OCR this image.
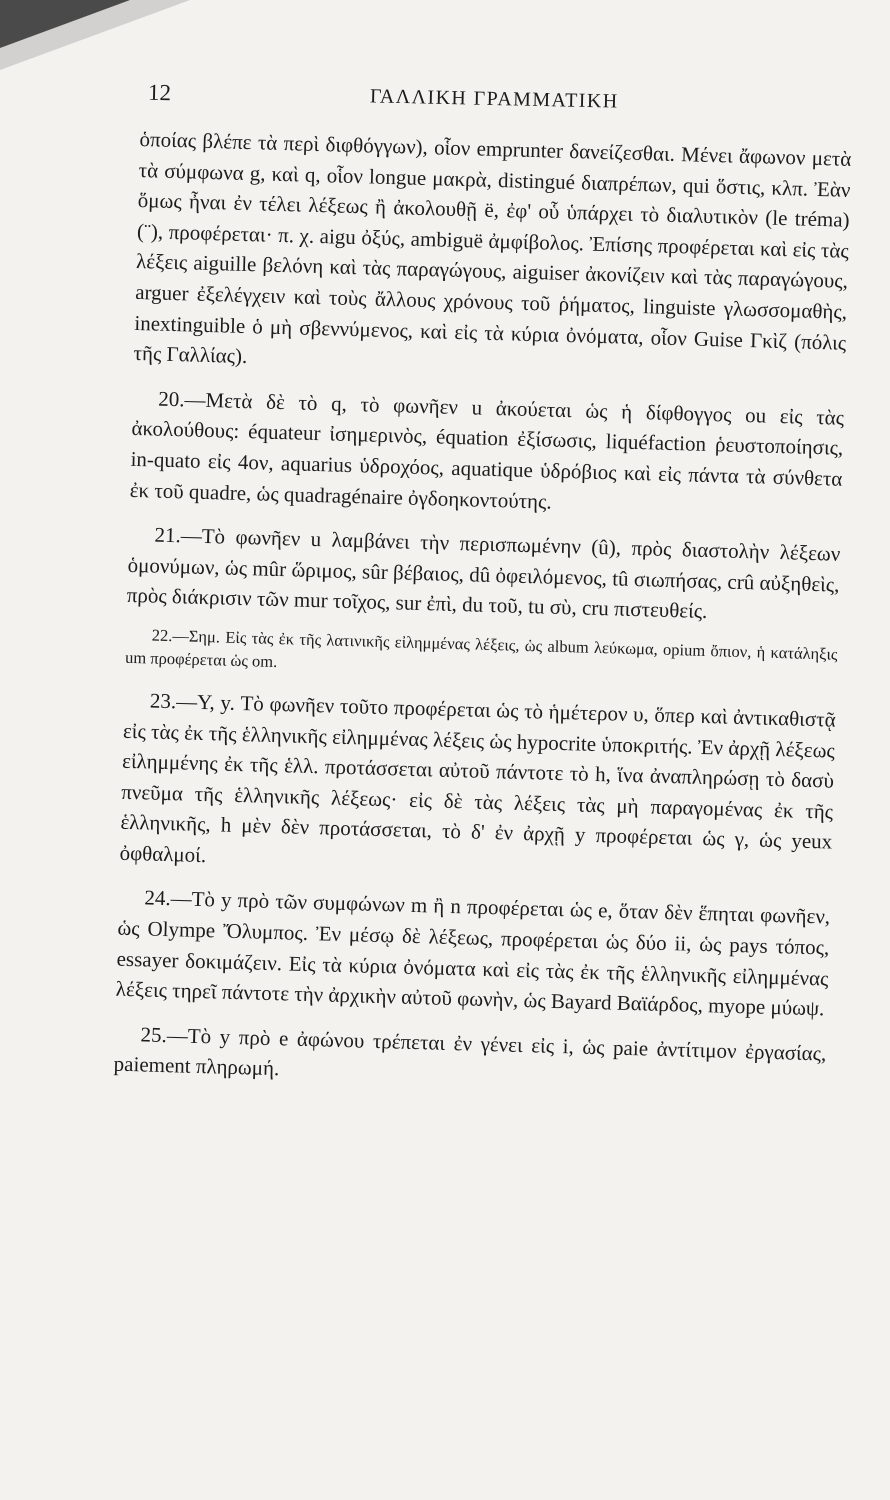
12	ΓΑΛΛΙΚΗ ΓΡΑΜΜΑΤΙΚΗ

ὁποίας βλέπε τὰ περὶ διφθόγγων), οἷον emprunter δανείζεσθαι. Μένει ἄφωνον μετὰ τὰ σύμφωνα g, καὶ q, οἷον longue μακρὰ, distingué διαπρέπων, qui ὅστις, κλπ. Ἐὰν ὅμως ἦναι ἐν τέλει λέξεως ἢ ἀκολουθῇ ë, ἐφ' οὗ ὑπάρχει τὸ διαλυτικὸν (le tréma) (¨), προφέρεται· π. χ. aigu ὀξύς, ambiguë ἀμφίβολος. Ἐπίσης προφέρεται καὶ εἰς τὰς λέξεις aiguille βελόνη καὶ τὰς παραγώγους, aiguiser ἀκονίζειν καὶ τὰς παραγώγους, arguer ἐξελέγχειν καὶ τοὺς ἄλλους χρόνους τοῦ ῥήματος, linguiste γλωσσομαθὴς, inextinguible ὁ μὴ σβεννύμενος, καὶ εἰς τὰ κύρια ὀνόματα, οἷον Guise Γκὶζ (πόλις τῆς Γαλλίας).

20.—Μετὰ δὲ τὸ q, τὸ φωνῆεν u ἀκούεται ὡς ἡ δίφθογγος ou εἰς τὰς ἀκολούθους: équateur ἰσημερινὸς, équation ἐξίσωσις, liquéfaction ῥευστοποίησις, in-quato εἰς 4ον, aquarius ὑδροχόος, aquatique ὑδρόβιος καὶ εἰς πάντα τὰ σύνθετα ἐκ τοῦ quadre, ὡς quadragénaire ὀγδοηκοντούτης.

21.—Τὸ φωνῆεν u λαμβάνει τὴν περισπωμένην (û), πρὸς διαστολὴν λέξεων ὁμονύμων, ὡς mûr ὥριμος, sûr βέβαιος, dû ὀφειλόμενος, tû σιωπήσας, crû αὐξηθεὶς, πρὸς διάκρισιν τῶν mur τοῖχος, sur ἐπὶ, du τοῦ, tu σὺ, cru πιστευθείς.

22.—Σημ. Εἰς τὰς ἐκ τῆς λατινικῆς εἰλημμένας λέξεις, ὡς album λεύκωμα, opium ὄπιον, ἡ κατάληξις um προφέρεται ὡς om.

23.—Y, y. Τὸ φωνῆεν τοῦτο προφέρεται ὡς τὸ ἡμέτερον υ, ὅπερ καὶ ἀντικαθιστᾷ εἰς τὰς ἐκ τῆς ἑλληνικῆς εἰλημμένας λέξεις ὡς hypocrite ὑποκριτής. Ἐν ἀρχῇ λέξεως εἰλημμένης ἐκ τῆς ἑλλ. προτάσσεται αὐτοῦ πάντοτε τὸ h, ἵνα ἀναπληρώσῃ τὸ δασὺ πνεῦμα τῆς ἑλληνικῆς λέξεως· εἰς δὲ τὰς λέξεις τὰς μὴ παραγομένας ἐκ τῆς ἑλληνικῆς, h μὲν δὲν προτάσσεται, τὸ δ' ἐν ἀρχῇ y προφέρεται ὡς γ, ὡς yeux ὀφθαλμοί.

24.—Τὸ y πρὸ τῶν συμφώνων m ἢ n προφέρεται ὡς e, ὅταν δὲν ἕπηται φωνῆεν, ὡς Olympe Ὄλυμπος. Ἐν μέσῳ δὲ λέξεως, προφέρεται ὡς δύο ii, ὡς pays τόπος, essayer δοκιμάζειν. Εἰς τὰ κύρια ὀνόματα καὶ εἰς τὰς ἐκ τῆς ἑλληνικῆς εἰλημμένας λέξεις τηρεῖ πάντοτε τὴν ἀρχικὴν αὐτοῦ φωνὴν, ὡς Bayard Βαϊάρδος, myope μύωψ.

25.—Τὸ y πρὸ e ἀφώνου τρέπεται ἐν γένει εἰς i, ὡς paie ἀντίτιμον ἐργασίας, paiement πληρωμή.
